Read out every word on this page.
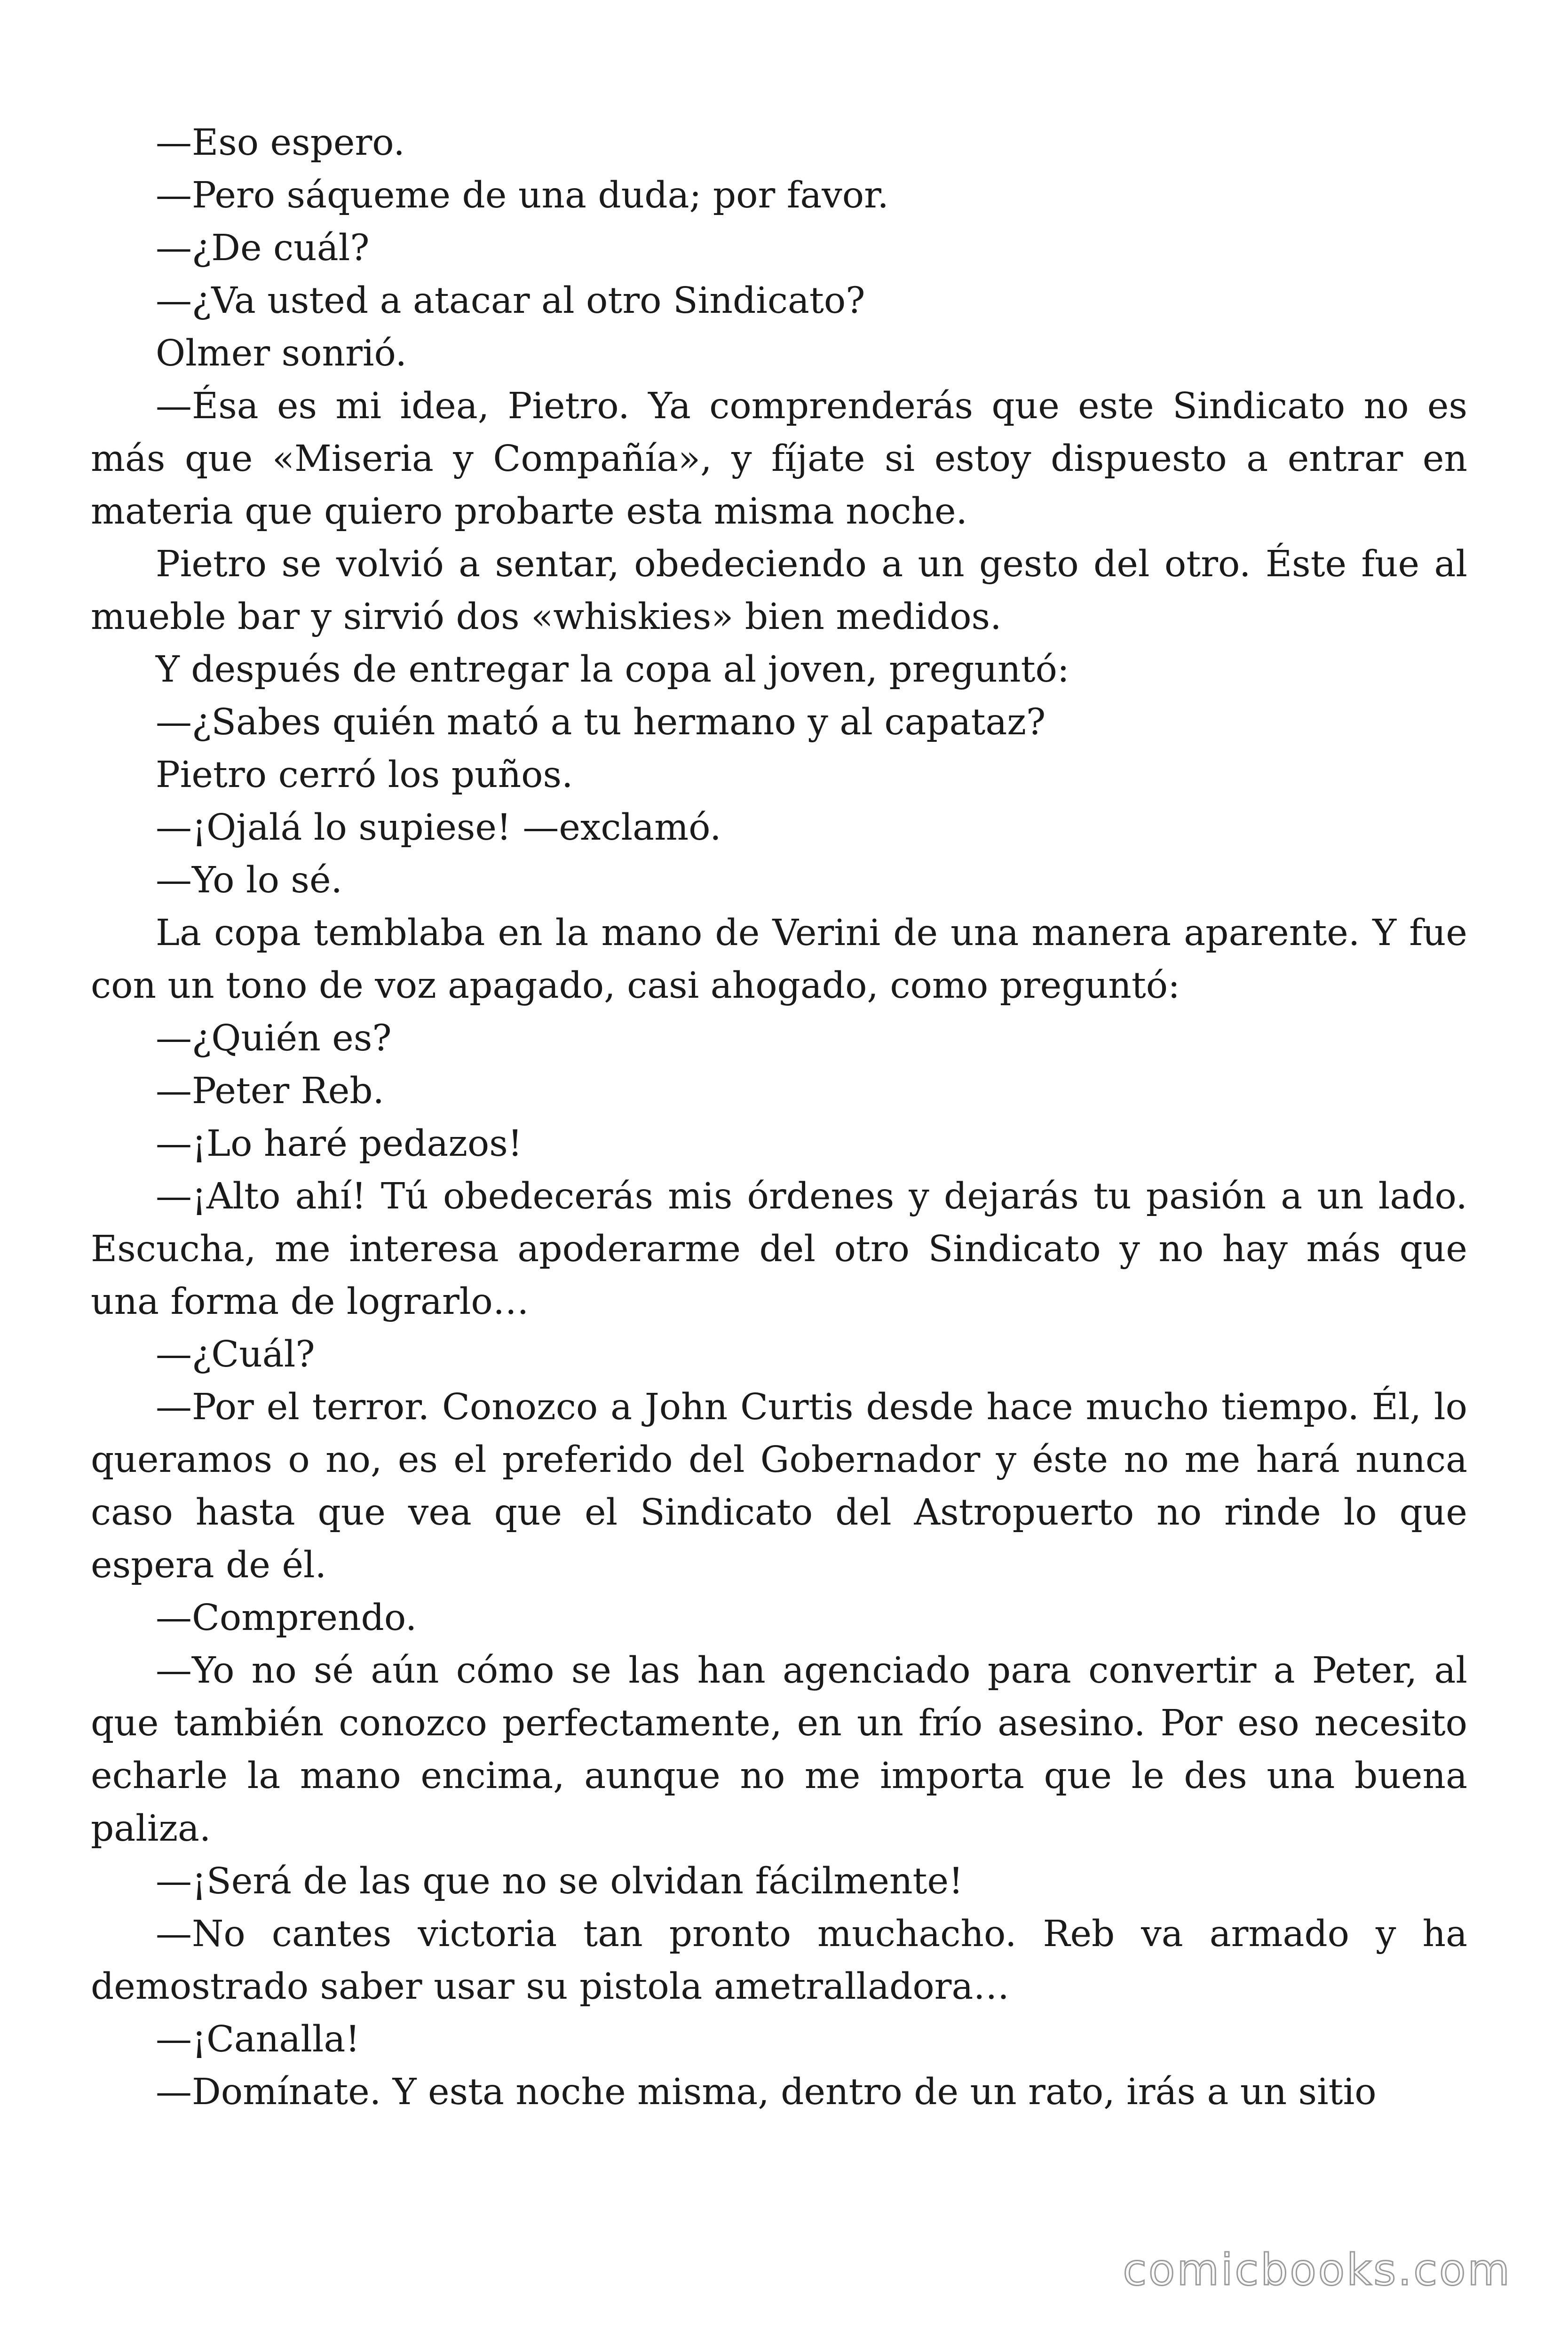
—Eso espero.

—Pero sáqueme de una duda; por favor.

—¿De cuál?

—¿Va usted a atacar al otro Sindicato?

Olmer sonrió.

—Ésa es mi idea, Pietro. Ya comprenderás que este Sindicato no es más que «Miseria y Compañía», y fíjate si estoy dispuesto a entrar en materia que quiero probarte esta misma noche.

Pietro se volvió a sentar, obedeciendo a un gesto del otro. Éste fue al mueble bar y sirvió dos «whiskies» bien medidos.

Y después de entregar la copa al joven, preguntó:

—¿Sabes quién mató a tu hermano y al capataz?

Pietro cerró los puños.

—¡Ojalá lo supiese! —exclamó.

—Yo lo sé.

La copa temblaba en la mano de Verini de una manera aparente. Y fue con un tono de voz apagado, casi ahogado, como preguntó:

—¿Quién es?

—Peter Reb.

—¡Lo haré pedazos!

—¡Alto ahí! Tú obedecerás mis órdenes y dejarás tu pasión a un lado. Escucha, me interesa apoderarme del otro Sindicato y no hay más que una forma de lograrlo…

—¿Cuál?

—Por el terror. Conozco a John Curtis desde hace mucho tiempo. Él, lo queramos o no, es el preferido del Gobernador y éste no me hará nunca caso hasta que vea que el Sindicato del Astropuerto no rinde lo que espera de él.

—Comprendo.

—Yo no sé aún cómo se las han agenciado para convertir a Peter, al que también conozco perfectamente, en un frío asesino. Por eso necesito echarle la mano encima, aunque no me importa que le des una buena paliza.

—¡Será de las que no se olvidan fácilmente!

—No cantes victoria tan pronto muchacho. Reb va armado y ha demostrado saber usar su pistola ametralladora…

—¡Canalla!

—Domínate. Y esta noche misma, dentro de un rato, irás a un sitio

comicbooks.com
